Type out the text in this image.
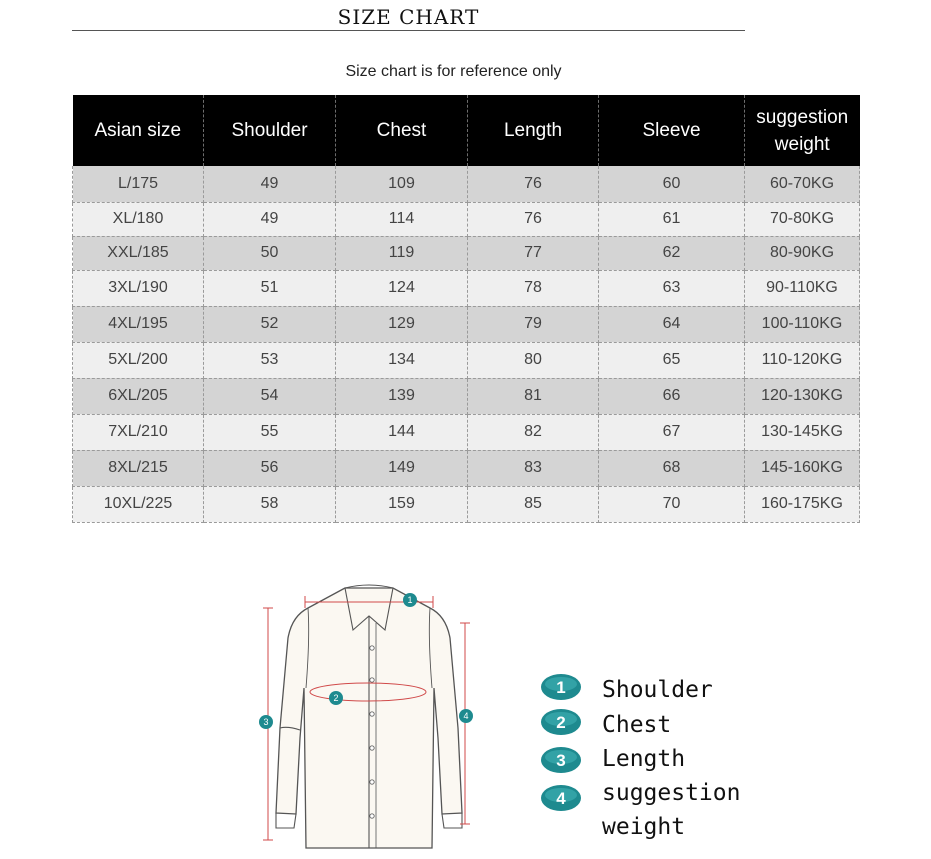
SIZE CHART
Size chart is for reference only
Asian size	Shoulder	Chest	Length	Sleeve	suggestion weight
L/175	49	109	76	60	60-70KG
XL/180	49	114	76	61	70-80KG
XXL/185	50	119	77	62	80-90KG
3XL/190	51	124	78	63	90-110KG
4XL/195	52	129	79	64	100-110KG
5XL/200	53	134	80	65	110-120KG
6XL/205	54	139	81	66	120-130KG
7XL/210	55	144	82	67	130-145KG
8XL/215	56	149	83	68	145-160KG
10XL/225	58	159	85	70	160-175KG
1
2
3
4
1 Shoulder
2 Chest
3 Length
4 suggestion weight
